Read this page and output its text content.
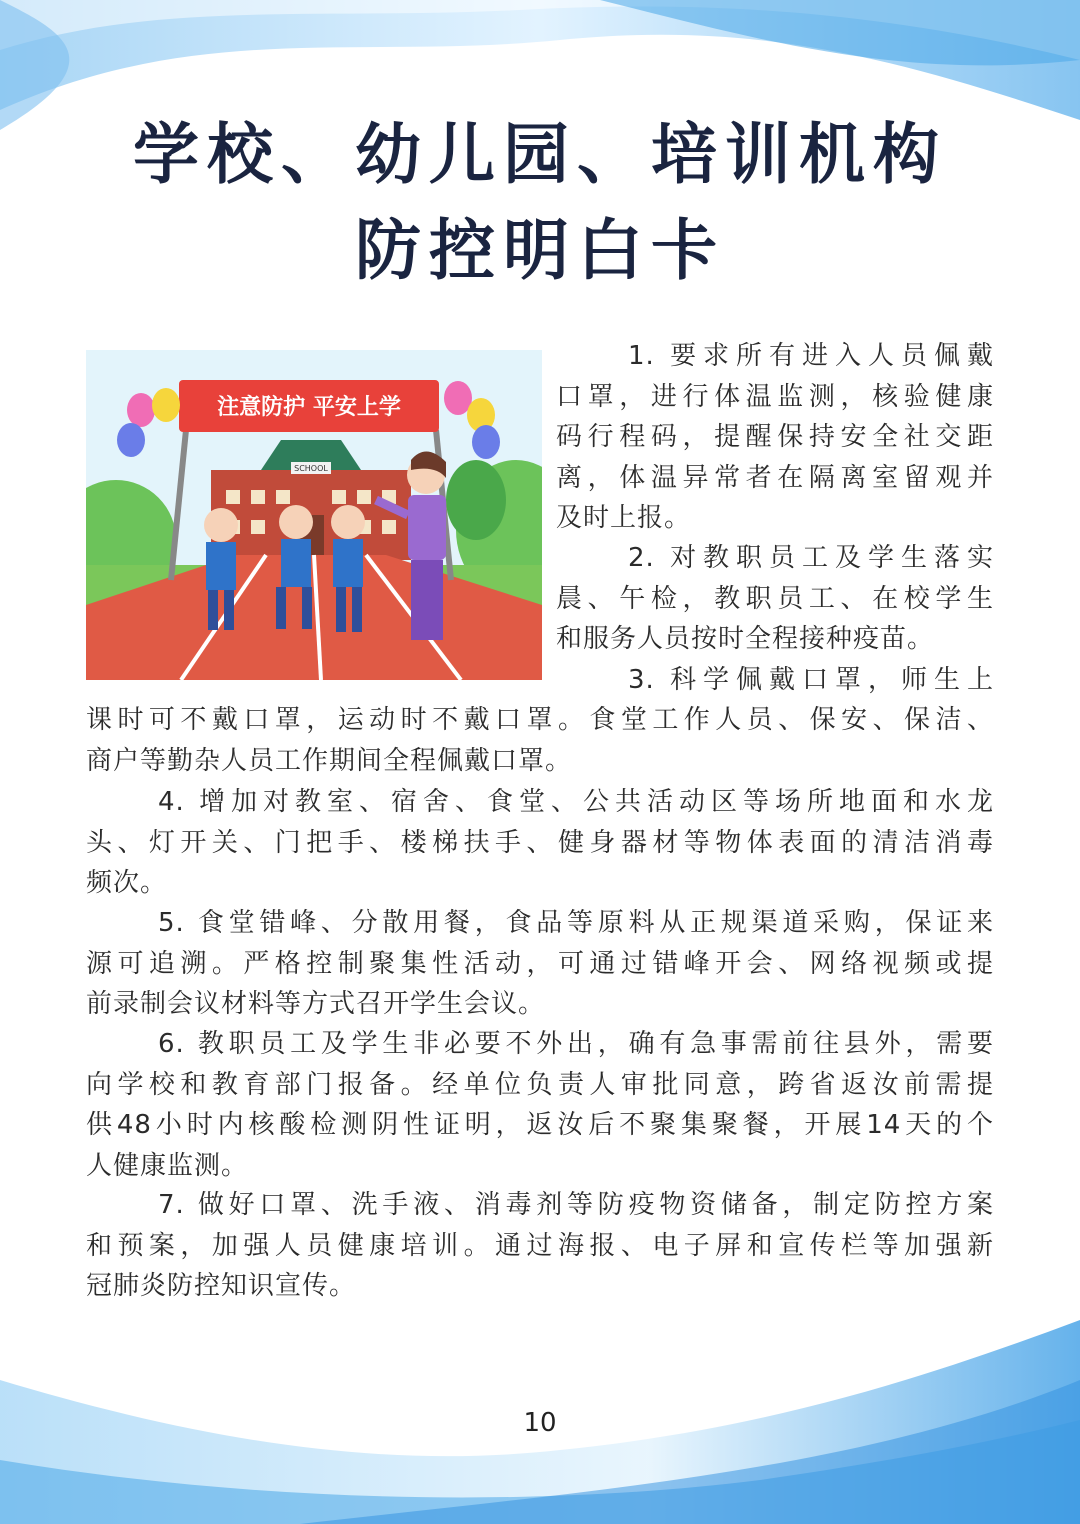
学校、幼儿园、培训机构
防控明白卡
SCHOOL
注意防护 平安上学
1. 要求所有进入人员佩戴
口罩，进行体温监测，核验健康
码行程码，提醒保持安全社交距
离，体温异常者在隔离室留观并
及时上报。
2. 对教职员工及学生落实
晨、午检，教职员工、在校学生
和服务人员按时全程接种疫苗。
3. 科学佩戴口罩，师生上
课时可不戴口罩，运动时不戴口罩。食堂工作人员、保安、保洁、
商户等勤杂人员工作期间全程佩戴口罩。
4. 增加对教室、宿舍、食堂、公共活动区等场所地面和水龙
头、灯开关、门把手、楼梯扶手、健身器材等物体表面的清洁消毒
频次。
5. 食堂错峰、分散用餐，食品等原料从正规渠道采购，保证来
源可追溯。严格控制聚集性活动，可通过错峰开会、网络视频或提
前录制会议材料等方式召开学生会议。
6. 教职员工及学生非必要不外出，确有急事需前往县外，需要
向学校和教育部门报备。经单位负责人审批同意，跨省返汝前需提
供48小时内核酸检测阴性证明，返汝后不聚集聚餐，开展14天的个
人健康监测。
7. 做好口罩、洗手液、消毒剂等防疫物资储备，制定防控方案
和预案，加强人员健康培训。通过海报、电子屏和宣传栏等加强新
冠肺炎防控知识宣传。
10
